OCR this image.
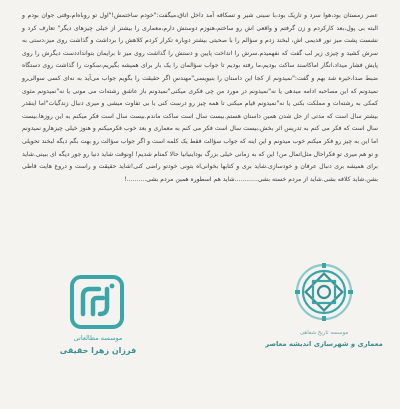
عصر زمستان بود،هوا سرد و تاریک بود،با سینی شیر و تسکافه آمد داخل اتاق،میگفت:"خودم ساختمش!"اول تو روباه‌ام،وقتی جوان بودم و البته بی پول،بعد کارکردم و زن گرفتم و واقعی اش رو ساختم،هنوزم دوستش دارم،معماری را بیشتر از خیلی چیزهای دیگر" تعارف کرد و نشست پشت میز نور قدیمی اش، لبخند زدم و سؤالم را با صحبتی بیشتر دوباره تکرار کردم کلاهش را برداشت و گذاشت روی میز،دستی به سرش کشید و چیزی زیر لب گفت که نفهمیدم.سرش را انداخت پایین و دستش را گذاشت روی میز تا برایمان بتوانداددست دیگرش را روی پایش فشار میداد،انگار اماکاسند ساکت بودیم،ما رفته بودیم تا جواب سؤالمان را یک بار برای همیشه بگیریم،سکوت را گذاشت روی دستگاه ضبط صدا،خیره شد بهم و گفت:"نمیدونم از کجا این داستان را بنیویسی"مهندس اگر حقیقت را بگویم جواب می‌آید به نه‌ای کسی سوالی‌رو نمیدونم که این مصاحبه ادامه میدهی یا نه"نمیدونم در مورد من چی فکری میکنی"نمیدونم باز عاشق رشته‌ات می مونی یا نه"نمیدونم مثوی کمکی به رشته‌ات و مملکت بکنی یا نه"نمیدونم قیام میکنی تا همه چیز رو درست کنی یا بی تفاوت میشی و میری دنبال زندگیات"اما اینقدر بیشتر سال است که مدتی از حل شدن همین داستان هستم.بیست سال است ساکت ماندم.بیست سال است فکر میکنم به این روزها.بیست سال است که فکر می کنم به تدریس اثر بخش.بیست سال است فکر می کنم به معماری و بعد خوب فکرمیکنم و هنوز خیلی چیزهارو نمیدونم اما این به چیز رو فکر میکنم خوب میدونم و این اینه که جواب سؤالت فقط یک کلمه است و اگر جواب سؤالت رو بهت بگم دیگه لبخند تحویلی و تو هم میری تو فکراحال مثل‌اتمال من! این که به زمانی خیلی بزرگ بوداینیانیا حالا کمتام شدیم! اونوقت شاید دنیا رو جور دیگه ای ببینی.شاید برای همیشه بری دنبال عرفان و خودسازی.شاید بری و کتابها بخوانی‌اه بتونی خودتو راضی کنی!شاید حقیقت و راست و دروغ هایت قاطی بشن.شاید کلافه بشی.شاید از مردم خسته بشی............شاید هم اسطوره همین مردم بشی..........!

موسسه مطالعاتی
فرزان زهرا حقیقی
موسسه تاریخ شفاهی
معماری و شهرسازی اندیشه معاصر
